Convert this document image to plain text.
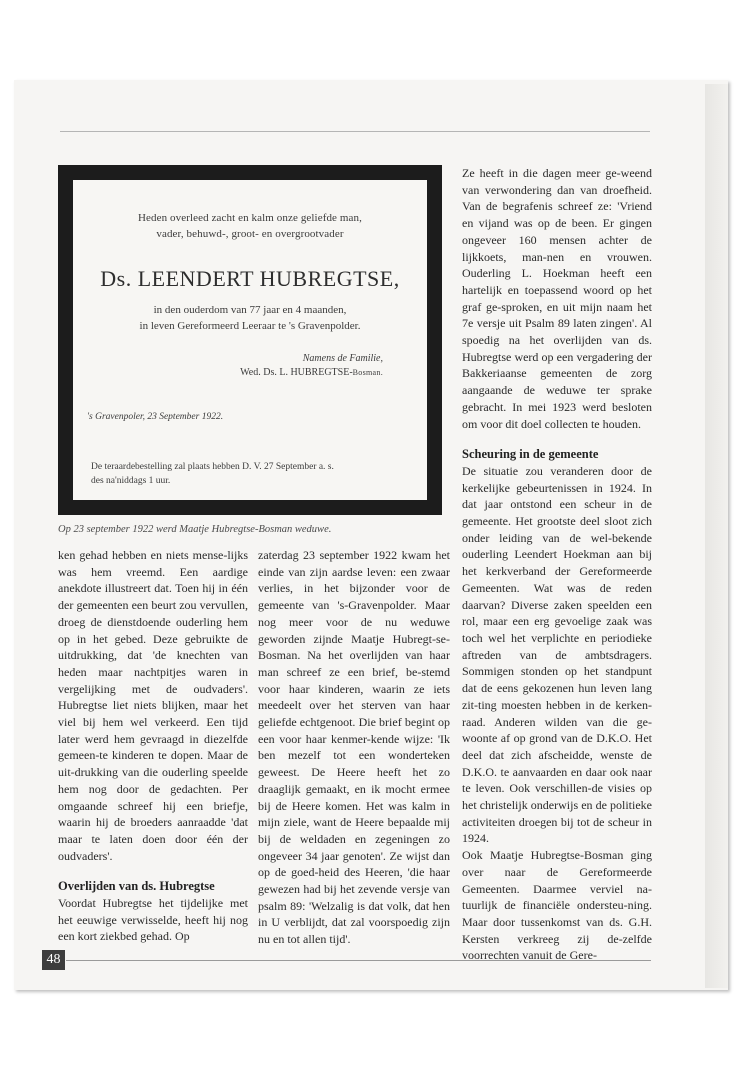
Heden overleed zacht en kalm onze geliefde man,
vader, behuwd-, groot- en overgrootvader
Ds. LEENDERT HUBREGTSE,
in den ouderdom van 77 jaar en 4 maanden,
in leven Gereformeerd Leeraar te 's Gravenpolder.
Namens de Familie,
Wed. Ds. L. HUBREGTSE-Bosman.
's Gravenpoler, 23 September 1922.
De teraardebestelling zal plaats hebben D. V. 27 September a. s.
des na'niddags 1 uur.
Op 23 september 1922 werd Maatje Hubregtse-Bosman weduwe.

ken gehad hebben en niets mense-lijks was hem vreemd. Een aardige anekdote illustreert dat. Toen hij in één der gemeenten een beurt zou vervullen, droeg de dienstdoende ouderling hem op in het gebed. Deze gebruikte de uitdrukking, dat 'de knechten van heden maar nachtpitjes waren in vergelijking met de oudvaders'. Hubregtse liet niets blijken, maar het viel bij hem wel verkeerd. Een tijd later werd hem gevraagd in diezelfde gemeen-te kinderen te dopen. Maar de uit-drukking van die ouderling speelde hem nog door de gedachten. Per omgaande schreef hij een briefje, waarin hij de broeders aanraadde 'dat maar te laten doen door één der oudvaders'.

Overlijden van ds. Hubregtse

Voordat Hubregtse het tijdelijke met het eeuwige verwisselde, heeft hij nog een kort ziekbed gehad. Op

zaterdag 23 september 1922 kwam het einde van zijn aardse leven: een zwaar verlies, in het bijzonder voor de gemeente van 's-Gravenpolder. Maar nog meer voor de nu weduwe geworden zijnde Maatje Hubregt-se-Bosman. Na het overlijden van haar man schreef ze een brief, be-stemd voor haar kinderen, waarin ze iets meedeelt over het sterven van haar geliefde echtgenoot. Die brief begint op een voor haar kenmer-kende wijze: 'Ik ben mezelf tot een wonderteken geweest. De Heere heeft het zo draaglijk gemaakt, en ik mocht ermee bij de Heere komen. Het was kalm in mijn ziele, want de Heere bepaalde mij bij de weldaden en zegeningen zo ongeveer 34 jaar genoten'. Ze wijst dan op de goed-heid des Heeren, 'die haar gewezen had bij het zevende versje van psalm 89: 'Welzalig is dat volk, dat hen in U verblijdt, dat zal voorspoedig zijn nu en tot allen tijd'.

Ze heeft in die dagen meer ge-weend van verwondering dan van droefheid. Van de begrafenis schreef ze: 'Vriend en vijand was op de been. Er gingen ongeveer 160 mensen achter de lijkkoets, man-nen en vrouwen. Ouderling L. Hoekman heeft een hartelijk en toepassend woord op het graf ge-sproken, en uit mijn naam het 7e versje uit Psalm 89 laten zingen'. Al spoedig na het overlijden van ds. Hubregtse werd op een vergadering der Bakkeriaanse gemeenten de zorg aangaande de weduwe ter sprake gebracht. In mei 1923 werd besloten om voor dit doel collecten te houden.

Scheuring in de gemeente

De situatie zou veranderen door de kerkelijke gebeurtenissen in 1924. In dat jaar ontstond een scheur in de gemeente. Het grootste deel sloot zich onder leiding van de wel-bekende ouderling Leendert Hoekman aan bij het kerkverband der Gereformeerde Gemeenten. Wat was de reden daarvan? Diverse zaken speelden een rol, maar een erg gevoelige zaak was toch wel het verplichte en periodieke aftreden van de ambtsdragers. Sommigen stonden op het standpunt dat de eens gekozenen hun leven lang zit-ting moesten hebben in de kerken-raad. Anderen wilden van die ge-woonte af op grond van de D.K.O. Het deel dat zich afscheidde, wenste de D.K.O. te aanvaarden en daar ook naar te leven. Ook verschillen-de visies op het christelijk onderwijs en de politieke activiteiten droegen bij tot de scheur in 1924.

Ook Maatje Hubregtse-Bosman ging over naar de Gereformeerde Gemeenten. Daarmee verviel na-tuurlijk de financiële ondersteu-ning. Maar door tussenkomst van ds. G.H. Kersten verkreeg zij de-zelfde voorrechten vanuit de Gere-

48
